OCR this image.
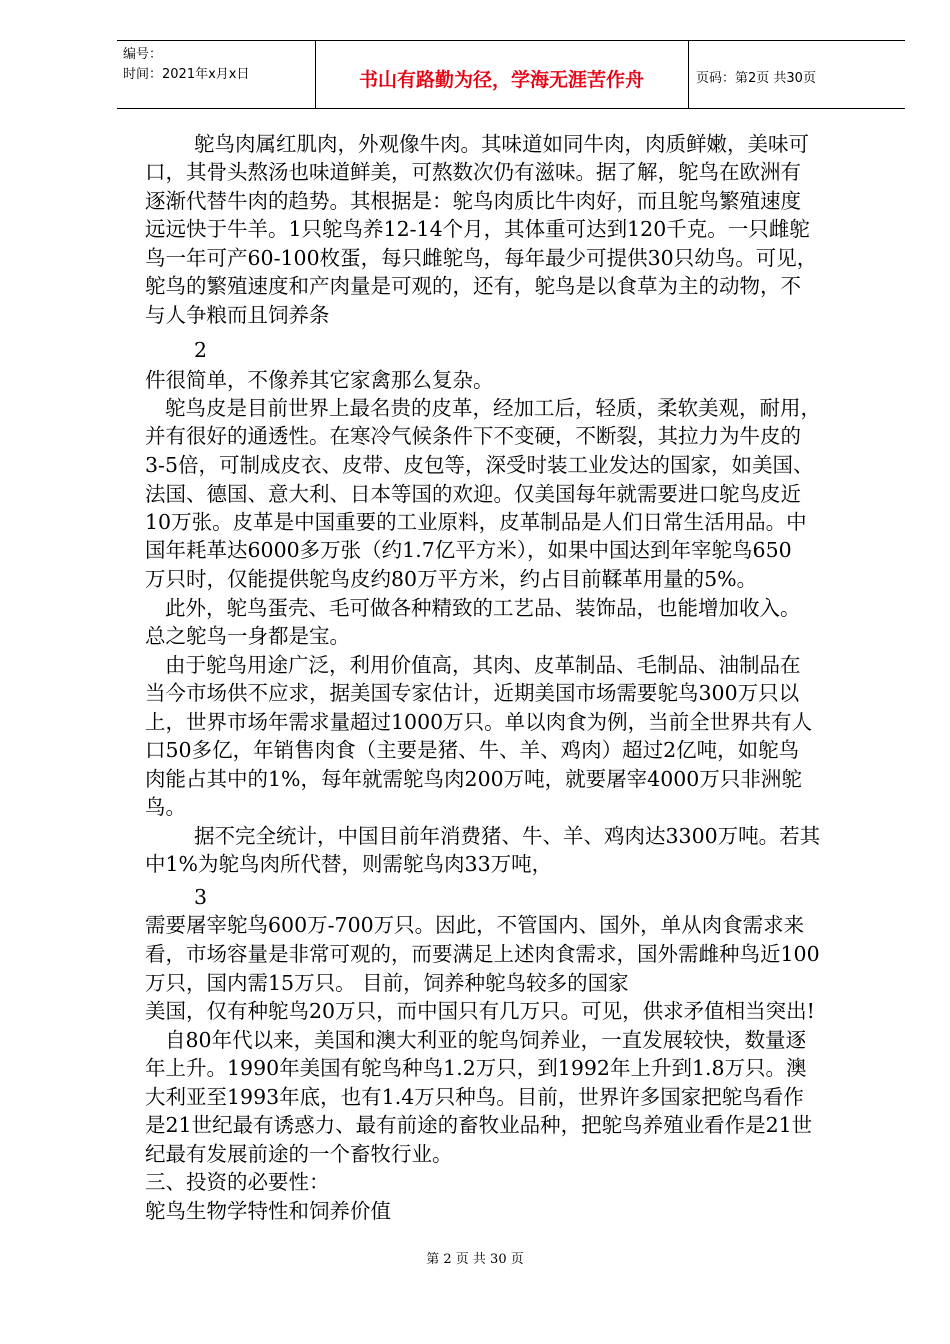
编号：
时间：2021年x月x日	书山有路勤为径，学海无涯苦作舟	页码：第2页 共30页
鸵鸟肉属红肌肉，外观像牛肉。其味道如同牛肉，肉质鲜嫩，美味可
口，其骨头熬汤也味道鲜美，可熬数次仍有滋味。据了解，鸵鸟在欧洲有
逐渐代替牛肉的趋势。其根据是：鸵鸟肉质比牛肉好，而且鸵鸟繁殖速度
远远快于牛羊。1只鸵鸟养12-14个月，其体重可达到120千克。一只雌鸵
鸟一年可产60-100枚蛋，每只雌鸵鸟，每年最少可提供30只幼鸟。可见，
鸵鸟的繁殖速度和产肉量是可观的，还有，鸵鸟是以食草为主的动物，不
与人争粮而且饲养条
2
件很简单，不像养其它家禽那么复杂。
鸵鸟皮是目前世界上最名贵的皮革，经加工后，轻质，柔软美观，耐用，
并有很好的通透性。在寒冷气候条件下不变硬，不断裂，其拉力为牛皮的
3-5倍，可制成皮衣、皮带、皮包等，深受时装工业发达的国家，如美国、
法国、德国、意大利、日本等国的欢迎。仅美国每年就需要进口鸵鸟皮近
10万张。皮革是中国重要的工业原料，皮革制品是人们日常生活用品。中
国年耗革达6000多万张（约1.7亿平方米），如果中国达到年宰鸵鸟650
万只时，仅能提供鸵鸟皮约80万平方米，约占目前鞣革用量的5%。
此外，鸵鸟蛋壳、毛可做各种精致的工艺品、装饰品，也能增加收入。
总之鸵鸟一身都是宝。
由于鸵鸟用途广泛，利用价值高，其肉、皮革制品、毛制品、油制品在
当今市场供不应求，据美国专家估计，近期美国市场需要鸵鸟300万只以
上，世界市场年需求量超过1000万只。单以肉食为例，当前全世界共有人
口50多亿，年销售肉食（主要是猪、牛、羊、鸡肉）超过2亿吨，如鸵鸟
肉能占其中的1%，每年就需鸵鸟肉200万吨，就要屠宰4000万只非洲鸵
鸟。
据不完全统计，中国目前年消费猪、牛、羊、鸡肉达3300万吨。若其
中1%为鸵鸟肉所代替，则需鸵鸟肉33万吨，
3
需要屠宰鸵鸟600万-700万只。因此，不管国内、国外，单从肉食需求来
看，市场容量是非常可观的，而要满足上述肉食需求，国外需雌种鸟近100
万只，国内需15万只。 目前，饲养种鸵鸟较多的国家
美国，仅有种鸵鸟20万只，而中国只有几万只。可见，供求矛值相当突出!
自80年代以来，美国和澳大利亚的鸵鸟饲养业，一直发展较快，数量逐
年上升。1990年美国有鸵鸟种鸟1.2万只，到1992年上升到1.8万只。澳
大利亚至1993年底，也有1.4万只种鸟。目前，世界许多国家把鸵鸟看作
是21世纪最有诱惑力、最有前途的畜牧业品种，把鸵鸟养殖业看作是21世
纪最有发展前途的一个畜牧行业。
三、投资的必要性：
鸵鸟生物学特性和饲养价值
第 2 页 共 30 页
